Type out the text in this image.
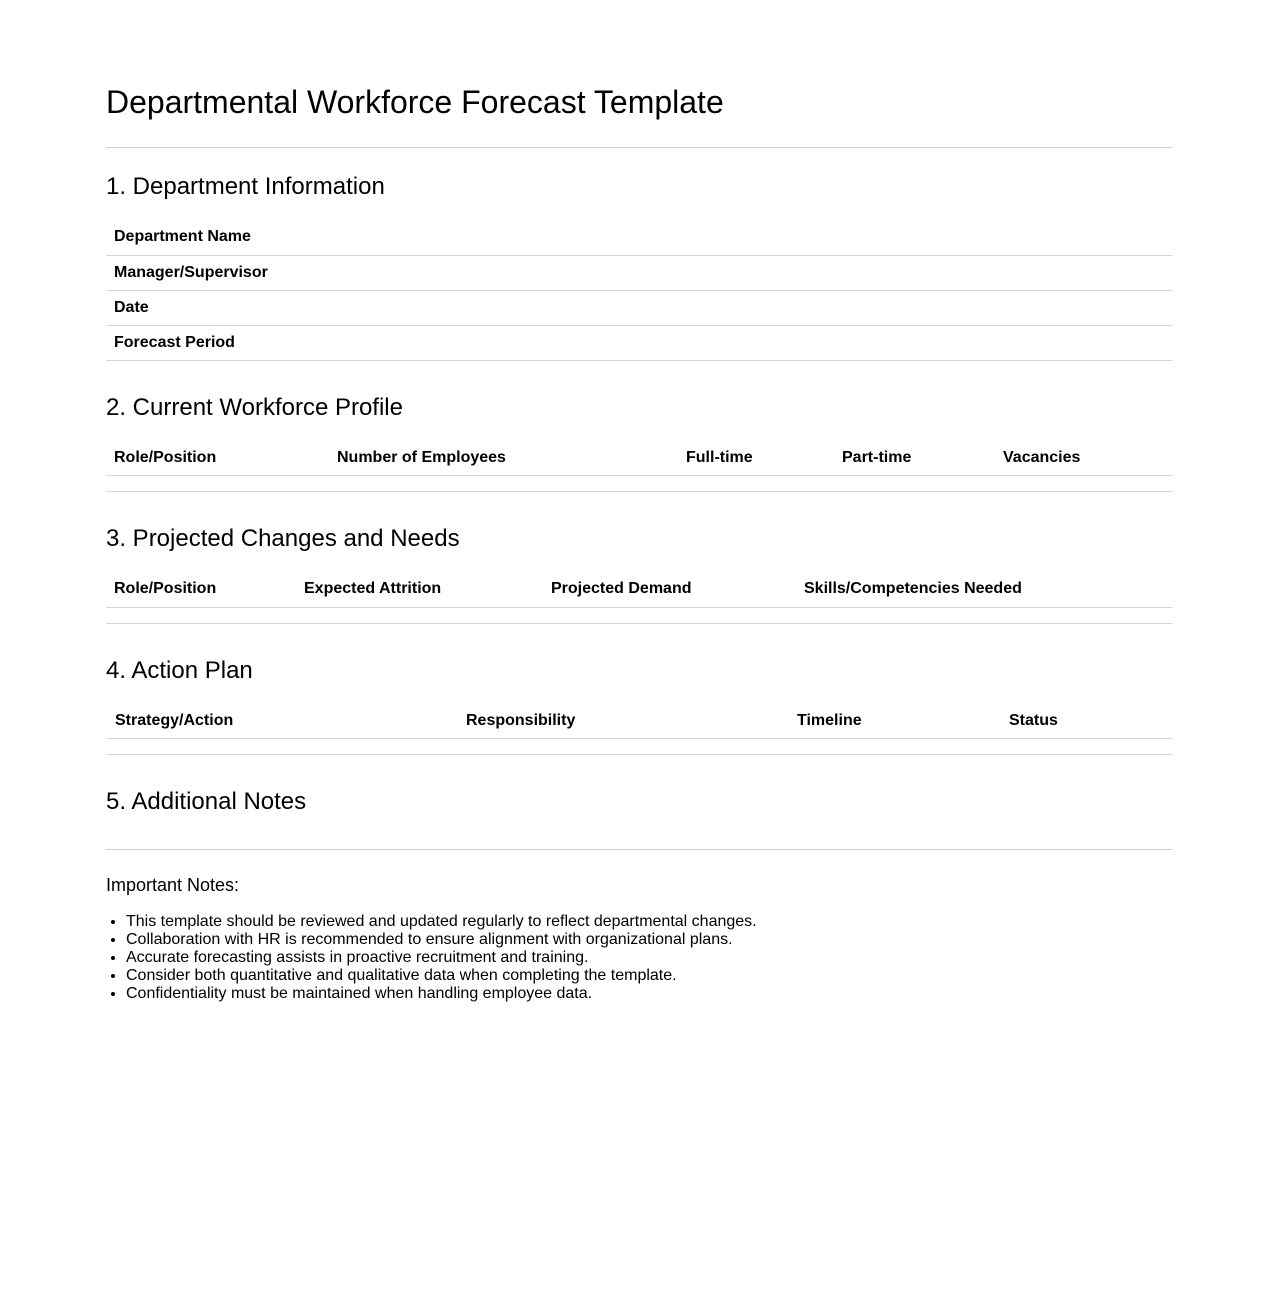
Departmental Workforce Forecast Template
1. Department Information
Department Name	
Manager/Supervisor	
Date	
Forecast Period	
2. Current Workforce Profile
Role/Position	Number of Employees	Full-time	Part-time	Vacancies

3. Projected Changes and Needs
Role/Position	Expected Attrition	Projected Demand	Skills/Competencies Needed

4. Action Plan
Strategy/Action	Responsibility	Timeline	Status

5. Additional Notes

Important Notes:

• This template should be reviewed and updated regularly to reflect departmental changes.
• Collaboration with HR is recommended to ensure alignment with organizational plans.
• Accurate forecasting assists in proactive recruitment and training.
• Consider both quantitative and qualitative data when completing the template.
• Confidentiality must be maintained when handling employee data.
